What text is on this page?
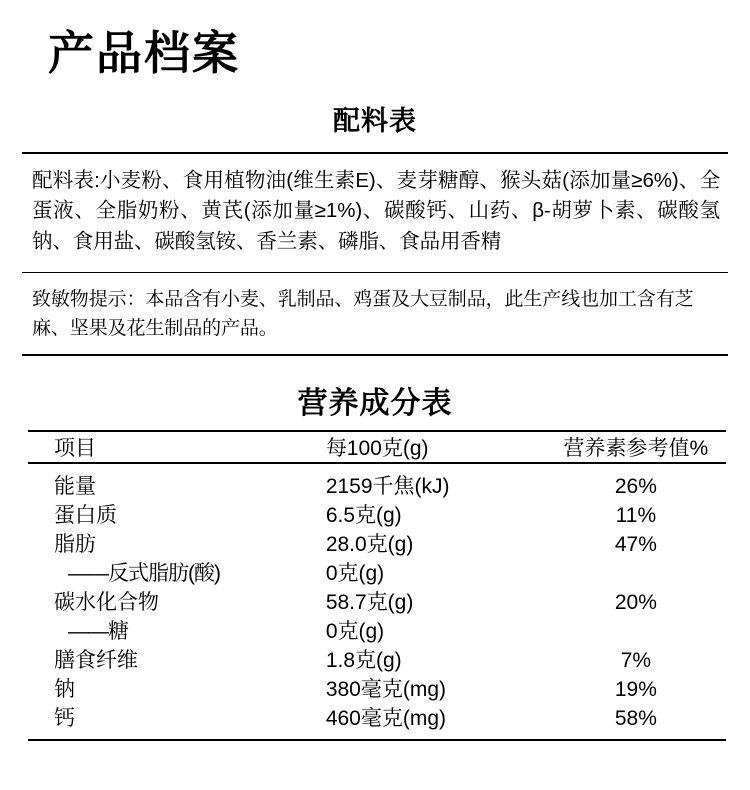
产品档案
配料表
配料表:小麦粉、食用植物油(维生素E)、麦芽糖醇、猴头菇(添加量≥6%)、全蛋液、全脂奶粉、黄芪(添加量≥1%)、碳酸钙、山药、β-胡萝卜素、碳酸氢钠、食用盐、碳酸氢铵、香兰素、磷脂、食品用香精
致敏物提示：本品含有小麦、乳制品、鸡蛋及大豆制品，此生产线也加工含有芝麻、坚果及花生制品的产品。
营养成分表
项目	每100克(g)	营养素参考值%
能量	2159千焦(kJ)	26%
蛋白质	6.5克(g)	11%
脂肪	28.0克(g)	47%
——反式脂肪(酸)	0克(g)	
碳水化合物	58.7克(g)	20%
——糖	0克(g)	
膳食纤维	1.8克(g)	7%
钠	380毫克(mg)	19%
钙	460毫克(mg)	58%
